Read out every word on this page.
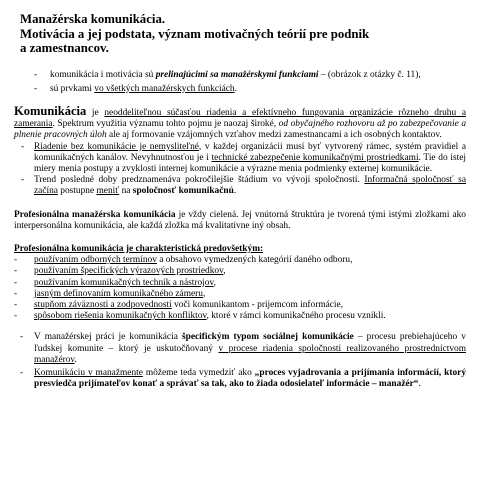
Manažérska komunikácia.
Motivácia a jej podstata, význam motivačných teórií pre podnik
a zamestnancov.
- komunikácia i motivácia sú prelinajúcimi sa manažérskymi funkciami – (obrázok z otázky č. 11),
- sú prvkami vo všetkých manažérskych funkciách.

Komunikácia je neoddeliteľnou súčasťou riadenia a efektívneho fungovania organizácie rôzneho druhu a zamerania. Spektrum využitia významu tohto pojmu je naozaj široké, od obyčajného rozhovoru až po zabezpečovanie a plnenie pracovných úloh ale aj formovanie vzájomných vzťahov medzi zamestnancami a ich osobných kontaktov.

- Riadenie bez komunikácie je nemysliteľné, v každej organizácii musí byť vytvorený rámec, systém pravidiel a komunikačných kanálov. Nevyhnutnosťou je i technické zabezpečenie komunikačnými prostriedkami. Tie do istej miery menia postupy a zvyklosti internej komunikácie a výrazne menia podmienky externej komunikácie.
- Trend posledné doby predznamenáva pokročilejšie štádium vo vývoji spoločnosti. Informačná spoločnosť sa začína postupne meniť na spoločnosť komunikačnú.

Profesionálna manažérska komunikácia je vždy cielená. Jej vnútorná štruktúra je tvorená tými istými zložkami ako interpersonálna komunikácia, ale každá zložka má kvalitatívne iný obsah.

Profesionálna komunikácia je charakteristická predovšetkým:
- používaním odborných termínov a obsahovo vymedzených kategórií daného odboru,
- používaním špecifických výrazových prostriedkov,
- používaním komunikačných techník a nástrojov,
- jasným definovaním komunikačného zámeru,
- stupňom záväznosti a zodpovednosti voči komunikantom - prijemcom informácie,
- spôsobom riešenia komunikačných konfliktov, ktoré v rámci komunikačného procesu vznikli.
- V manažérskej práci je komunikácia špecifickým typom sociálnej komunikácie – procesu prebiehajúceho v ľudskej komunite – ktorý je uskutočňovaný v procese riadenia spoločnosti realizovaného prostredníctvom manažérov.
- Komunikáciu v manažmente môžeme teda vymedziť ako „proces vyjadrovania a prijímania informácií, ktorý presviedča prijímateľov konať a správať sa tak, ako to žiada odosielateľ informácie – manažér“.
